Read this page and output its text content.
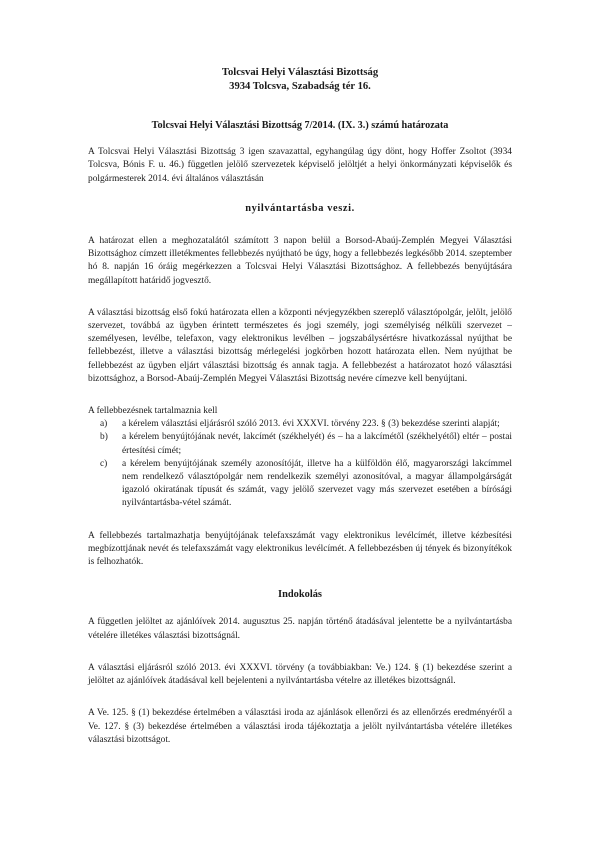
Tolcsvai Helyi Választási Bizottság
3934 Tolcsva, Szabadság tér 16.
Tolcsvai Helyi Választási Bizottság 7/2014. (IX. 3.) számú határozata

A Tolcsvai Helyi Választási Bizottság 3 igen szavazattal, egyhangúlag úgy dönt, hogy Hoffer Zsoltot (3934 Tolcsva, Bónis F. u. 46.) független jelölő szervezetek képviselő jelöltjét a helyi önkormányzati képviselők és polgármesterek 2014. évi általános választásán

nyilvántartásba veszi.

A határozat ellen a meghozatalától számított 3 napon belül a Borsod-Abaúj-Zemplén Megyei Választási Bizottsághoz címzett illetékmentes fellebbezés nyújtható be úgy, hogy a fellebbezés legkésőbb 2014. szeptember hó 8. napján 16 óráig megérkezzen a Tolcsvai Helyi Választási Bizottsághoz. A fellebbezés benyújtására megállapított határidő jogvesztő.

A választási bizottság első fokú határozata ellen a központi névjegyzékben szereplő választópolgár, jelölt, jelölő szervezet, továbbá az ügyben érintett természetes és jogi személy, jogi személyiség nélküli szervezet – személyesen, levélbe, telefaxon, vagy elektronikus levélben – jogszabálysértésre hivatkozással nyújthat be fellebbezést, illetve a választási bizottság mérlegelési jogkörben hozott határozata ellen. Nem nyújthat be fellebbezést az ügyben eljárt választási bizottság és annak tagja. A fellebbezést a határozatot hozó választási bizottsághoz, a Borsod-Abaúj-Zemplén Megyei Választási Bizottság nevére címezve kell benyújtani.

A fellebbezésnek tartalmaznia kell

a) a kérelem választási eljárásról szóló 2013. évi XXXVI. törvény 223. § (3) bekezdése szerinti alapját;
b) a kérelem benyújtójának nevét, lakcímét (székhelyét) és – ha a lakcímétől (székhelyétől) eltér – postai értesítési címét;
c) a kérelem benyújtójának személy azonosítóját, illetve ha a külföldön élő, magyarországi lakcímmel nem rendelkező választópolgár nem rendelkezik személyi azonosítóval, a magyar állampolgárságát igazoló okiratának típusát és számát, vagy jelölő szervezet vagy más szervezet esetében a bírósági nyilvántartásba-vétel számát.

A fellebbezés tartalmazhatja benyújtójának telefaxszámát vagy elektronikus levélcímét, illetve kézbesítési megbízottjának nevét és telefaxszámát vagy elektronikus levélcímét. A fellebbezésben új tények és bizonyítékok is felhozhatók.

Indokolás

A független jelöltet az ajánlóívek 2014. augusztus 25. napján történő átadásával jelentette be a nyilvántartásba vételére illetékes választási bizottságnál.

A választási eljárásról szóló 2013. évi XXXVI. törvény (a továbbiakban: Ve.) 124. § (1) bekezdése szerint a jelöltet az ajánlóívek átadásával kell bejelenteni a nyilvántartásba vételre az illetékes bizottságnál.

A Ve. 125. § (1) bekezdése értelmében a választási iroda az ajánlások ellenőrzi és az ellenőrzés eredményéről a Ve. 127. § (3) bekezdése értelmében a választási iroda tájékoztatja a jelölt nyilvántartásba vételére illetékes választási bizottságot.
